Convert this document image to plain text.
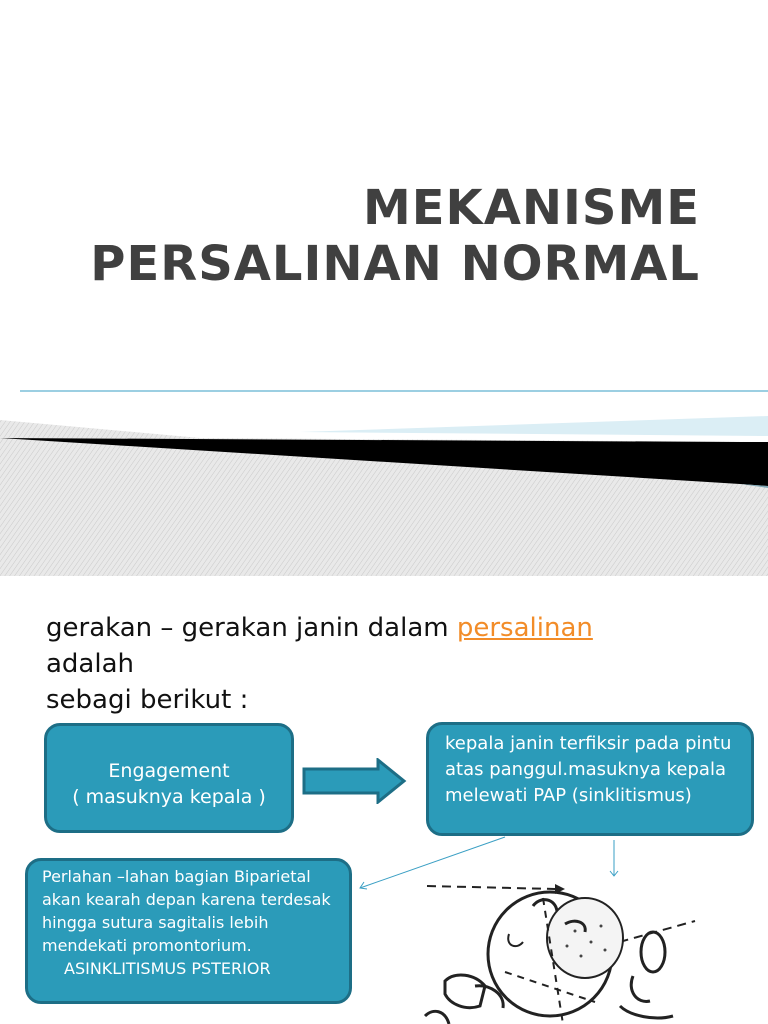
MEKANISME
PERSALINAN NORMAL
gerakan – gerakan janin dalam persalinan
adalah
sebagi berikut :
Engagement
( masuknya kepala )
kepala janin terfiksir pada pintu atas panggul.masuknya kepala melewati PAP (sinklitismus)
Perlahan –lahan bagian Biparietal akan kearah depan karena terdesak hingga sutura sagitalis lebih mendekati promontorium.
ASINKLITISMUS PSTERIOR
